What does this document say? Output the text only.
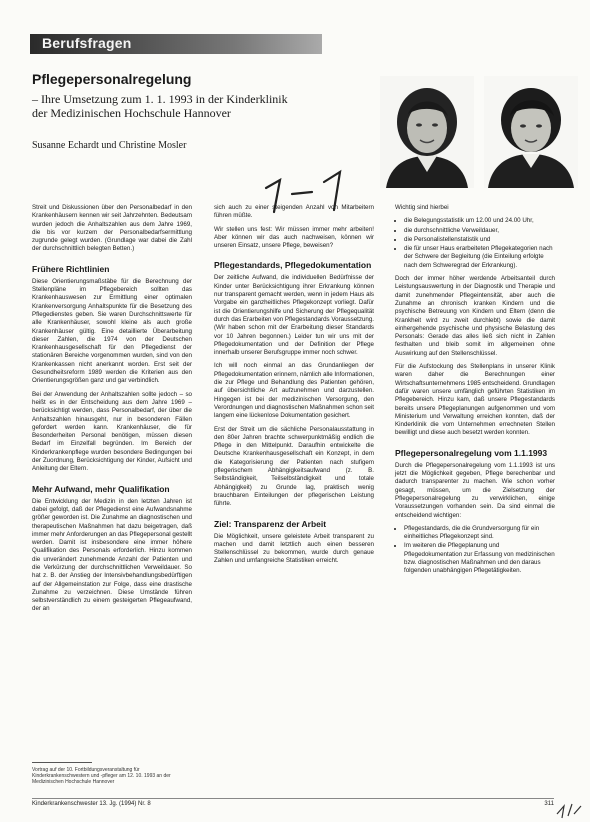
Berufsfragen
Pflegepersonalregelung
– Ihre Umsetzung zum 1. 1. 1993 in der Kinderklinik
der Medizinischen Hochschule Hannover
Susanne Echardt und Christine Mosler

Streit und Diskussionen über den Personalbedarf in den Krankenhäusern kennen wir seit Jahrzehnten. Bedeutsam wurden jedoch die Anhaltszahlen aus dem Jahre 1969, die bis vor kurzem der Personalbedarfsermittlung zugrunde gelegt wurden. (Grundlage war dabei die Zahl der durchschnittlich belegten Betten.)

Frühere Richtlinien

Diese Orientierungsmaßstäbe für die Berechnung der Stellenpläne im Pflegebereich sollten das Krankenhauswesen zur Ermittlung einer optimalen Krankenversorgung Anhaltspunkte für die Besetzung des Pflegedienstes geben. Sie waren Durchschnittswerte für alle Krankenhäuser, sowohl kleine als auch große Krankenhäuser gültig. Eine detaillierte Überarbeitung dieser Zahlen, die 1974 von der Deutschen Krankenhausgesellschaft für den Pflegedienst der stationären Bereiche vorgenommen wurden, sind von den Krankenkassen nicht anerkannt worden. Erst seit der Gesundheitsreform 1989 werden die Kriterien aus den Orientierungsgrößen ganz und gar verbindlich.

Bei der Anwendung der Anhaltszahlen sollte jedoch – so heißt es in der Entscheidung aus dem Jahre 1969 – berücksichtigt werden, dass Personalbedarf, der über die Anhaltszahlen hinausgeht, nur in besonderen Fällen gefordert werden kann. Krankenhäuser, die für Besonderheiten Personal benötigen, müssen diesen Bedarf im Einzelfall begründen. Im Bereich der Kinderkrankenpflege wurden besondere Bedingungen bei der Zuordnung, Berücksichtigung der Kinder, Aufsicht und Anleitung der Eltern.

Mehr Aufwand, mehr Qualifikation

Die Entwicklung der Medizin in den letzten Jahren ist dabei gefolgt, daß der Pflegedienst eine Aufwandsnahme größer geworden ist. Die Zunahme an diagnostischen und therapeutischen Maßnahmen hat dazu beigetragen, daß immer mehr Anforderungen an das Pflegepersonal gestellt werden. Damit ist insbesondere eine immer höhere Qualifikation des Personals erforderlich. Hinzu kommen die unverändert zunehmende Anzahl der Patienten und die Verkürzung der durchschnittlichen Verweildauer. So hat z. B. der Anstieg der Intensivbehandlungsbedürftigen auf der Allgemeinstation zur Folge, dass eine drastische Zunahme zu verzeichnen. Diese Umstände führen selbstverständlich zu einem gesteigerten Pflegeaufwand, der an

sich auch zu einer steigenden Anzahl von Mitarbeitern führen müßte.

Wir stellen uns fest: Wir müssen immer mehr arbeiten! Aber können wir das auch nachweisen, können wir unseren Einsatz, unsere Pflege, beweisen?

Pflegestandards, Pflegedokumentation

Der zeitliche Aufwand, die individuellen Bedürfnisse der Kinder unter Berücksichtigung ihrer Erkrankung können nur transparent gemacht werden, wenn in jedem Haus als Vorgabe ein ganzheitliches Pflegekonzept vorliegt. Dafür ist die Orientierungshilfe und Sicherung der Pflegequalität durch das Erarbeiten von Pflegestandards Voraussetzung. (Wir haben schon mit der Erarbeitung dieser Standards vor 10 Jahren begonnen.) Leider tun wir uns mit der Pflegedokumentation und der Definition der Pflege innerhalb unserer Berufsgruppe immer noch schwer.

Ich will noch einmal an das Grundanliegen der Pflegedokumentation erinnern, nämlich alle Informationen, die zur Pflege und Behandlung des Patienten gehören, auf übersichtliche Art aufzunehmen und darzustellen. Hingegen ist bei der medizinischen Versorgung, den Verordnungen und diagnostischen Maßnahmen schon seit langem eine lückenlose Dokumentation gesichert.

Erst der Streit um die sächliche Personalausstattung in den 80er Jahren brachte schwerpunktmäßig endlich die Pflege in den Mittelpunkt. Daraufhin entwickelte die Deutsche Krankenhausgesellschaft ein Konzept, in dem die Kategorisierung der Patienten nach stufigem pflegerischem Abhängigkeitsaufwand (z. B. Selbständigkeit, Teilselbständigkeit und totale Abhängigkeit) zu Grunde lag, praktisch wenig brauchbaren Einteilungen der pflegerischen Leistung führte.

Ziel: Transparenz der Arbeit

Die Möglichkeit, unsere geleistete Arbeit transparent zu machen und damit letztlich auch einen besseren Stellenschlüssel zu bekommen, wurde durch genaue Zahlen und umfangreiche Statistiken erreicht.

Wichtig sind hierbei

• die Belegungsstatistik um 12.00 und 24.00 Uhr,
• die durchschnittliche Verweildauer,
• die Personalistellenstatistik und
• die für unser Haus erarbeiteten Pflegekategorien nach der Schwere der Begleitung (die Einteilung erfolgte nach dem Schweregrad der Erkrankung).

Doch der immer höher werdende Arbeitsanteil durch Leistungsauswertung in der Diagnostik und Therapie und damit zunehmender Pflegeintensität, aber auch die Zunahme an chronisch kranken Kindern und die psychische Betreuung von Kindern und Eltern (denn die Krankheit wird zu zweit durchlebt) sowie die damit einhergehende psychische und physische Belastung des Personals: Gerade das alles ließ sich nicht in Zahlen festhalten und bleib somit im allgemeinen ohne Auswirkung auf den Stellenschlüssel.

Für die Aufstockung des Stellenplans in unserer Klinik waren daher die Berechnungen einer Wirtschaftsunternehmens 1985 entscheidend. Grundlagen dafür waren unsere umfänglich geführten Statistiken im Pflegebereich. Hinzu kam, daß unsere Pflegestandards bereits unsere Pflegeplanungen aufgenommen und vom Ministerium und Verwaltung erreichen konnten, daß der Kinderklinik die vom Unternehmen errechneten Stellen bewilligt und diese auch besetzt werden konnten.

Pflegepersonalregelung vom 1.1.1993

Durch die Pflegepersonalregelung vom 1.1.1993 ist uns jetzt die Möglichkeit gegeben, Pflege berechenbar und dadurch transparenter zu machen. Wie schon vorher gesagt, müssen, um die Zielsetzung der Pflegepersonalregelung zu verwirklichen, einige Voraussetzungen vorhanden sein. Da sind einmal die entscheidend wichtigen:

• Pflegestandards, die die Grundversorgung für ein einheitliches Pflegekonzept sind.
• Im weiteren die Pflegeplanung und Pflegedokumentation zur Erfassung von medizinischen bzw. diagnostischen Maßnahmen und den daraus folgenden unabhängigen Pflegetätigkeiten.
Vortrag auf der 10. Fortbildungsveranstaltung für Kinderkrankenschwestern und -pfleger am 12. 10. 1993 an der Medizinischen Hochschule Hannover
Kinderkrankenschwester 13. Jg. (1994) Nr. 8	311
